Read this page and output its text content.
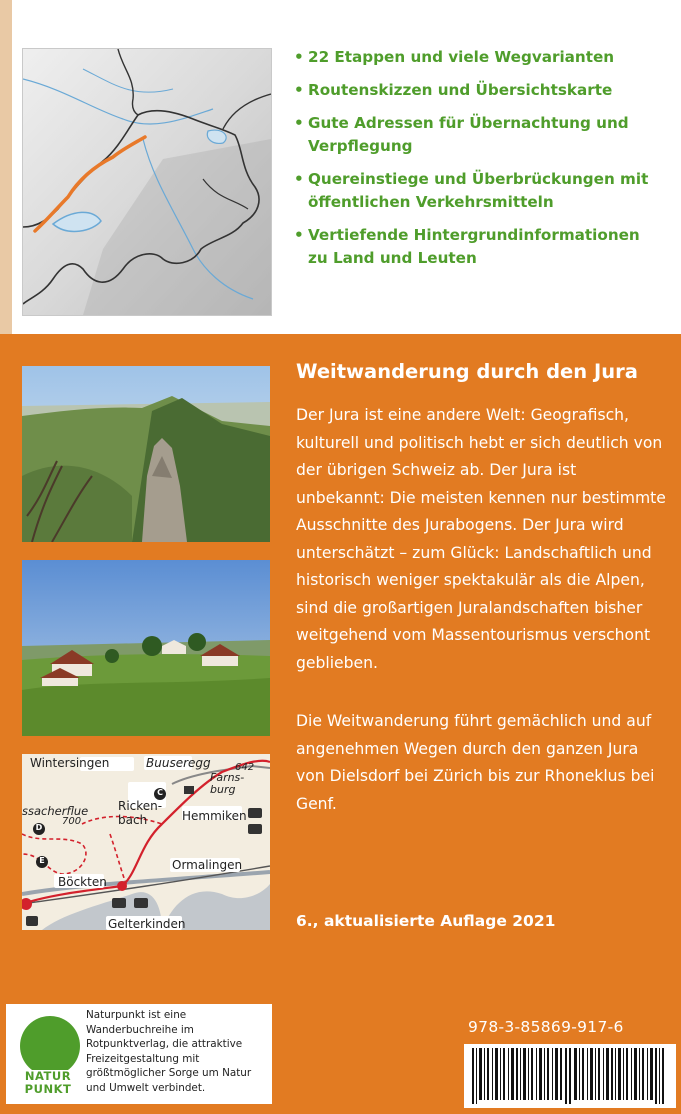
• 22 Etappen und viele Wegvarianten
• Routenskizzen und Übersichtskarte
• Gute Adressen für Übernachtung und Verpflegung
• Quereinstiege und Überbrückungen mit öffentlichen Verkehrsmitteln
• Vertiefende Hintergrundinformationen zu Land und Leuten
Wintersingen	Buuseregg 642
Farns-
burg
ssacherflue
700
Ricken-
bach	Hemmiken
Böckten
Ormalingen
Gelterkinden
C
D
E
Weitwanderung durch den Jura

Der Jura ist eine andere Welt: Geografisch, kulturell und politisch hebt er sich deutlich von der übrigen Schweiz ab. Der Jura ist unbekannt: Die meisten kennen nur bestimmte Ausschnitte des Jurabogens. Der Jura wird unterschätzt – zum Glück: Landschaftlich und historisch weniger spektakulär als die Alpen, sind die großartigen Juralandschaften bisher weitgehend vom Massentourismus verschont geblieben.

Die Weitwanderung führt gemächlich und auf angenehmen Wegen durch den ganzen Jura von Dielsdorf bei Zürich bis zur Rhoneklus bei Genf.

6., aktualisierte Auflage 2021
NATUR
PUNKT

Naturpunkt ist eine Wanderbuchreihe im Rotpunktverlag, die attraktive Freizeitgestaltung mit größtmöglicher Sorge um Natur und Umwelt verbindet.

978-3-85869-917-6
